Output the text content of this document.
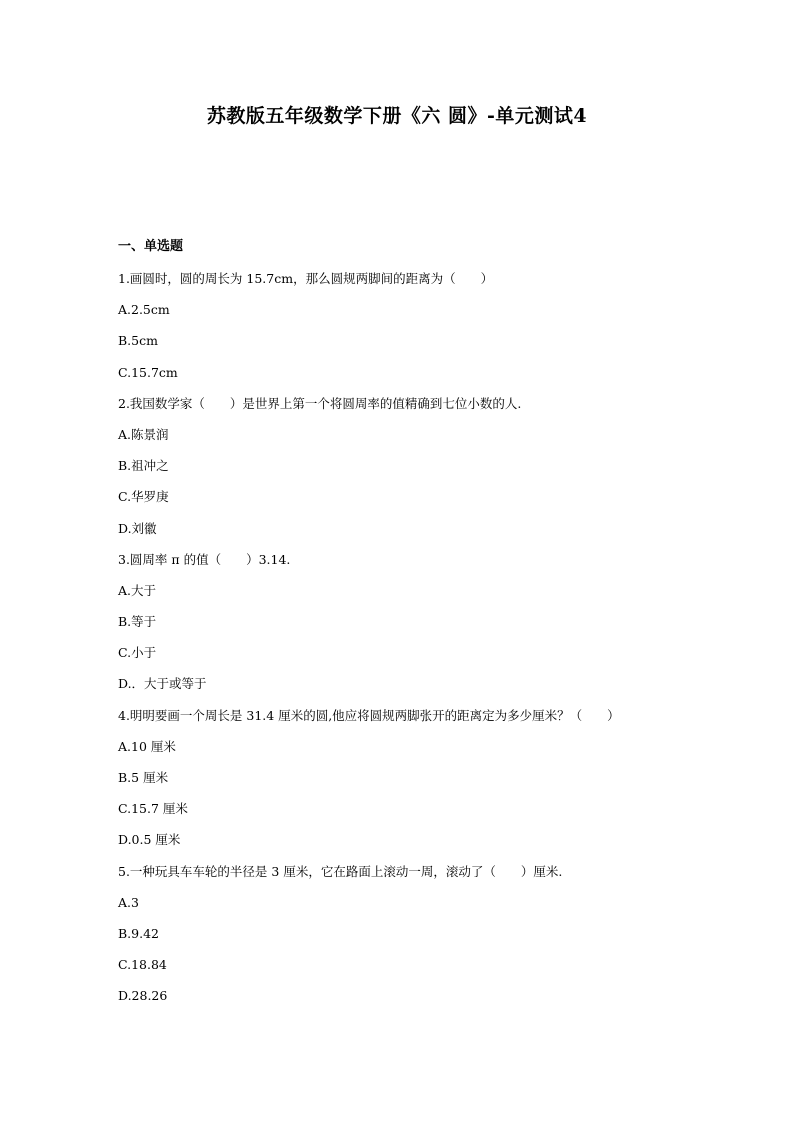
苏教版五年级数学下册《六 圆》-单元测试4
一、单选题
1.画圆时，圆的周长为 15.7cm，那么圆规两脚间的距离为（　　）
A.2.5cm
B.5cm
C.15.7cm
2.我国数学家（　　）是世界上第一个将圆周率的值精确到七位小数的人.
A.陈景润
B.祖冲之
C.华罗庚
D.刘徽
3.圆周率 π 的值（　　）3.14.
A.大于
B.等于
C.小于
D.．大于或等于
4.明明要画一个周长是 31.4 厘米的圆,他应将圆规两脚张开的距离定为多少厘米？（　　）
A.10 厘米
B.5 厘米
C.15.7 厘米
D.0.5 厘米
5.一种玩具车车轮的半径是 3 厘米，它在路面上滚动一周，滚动了（　　）厘米.
A.3
B.9.42
C.18.84
D.28.26
